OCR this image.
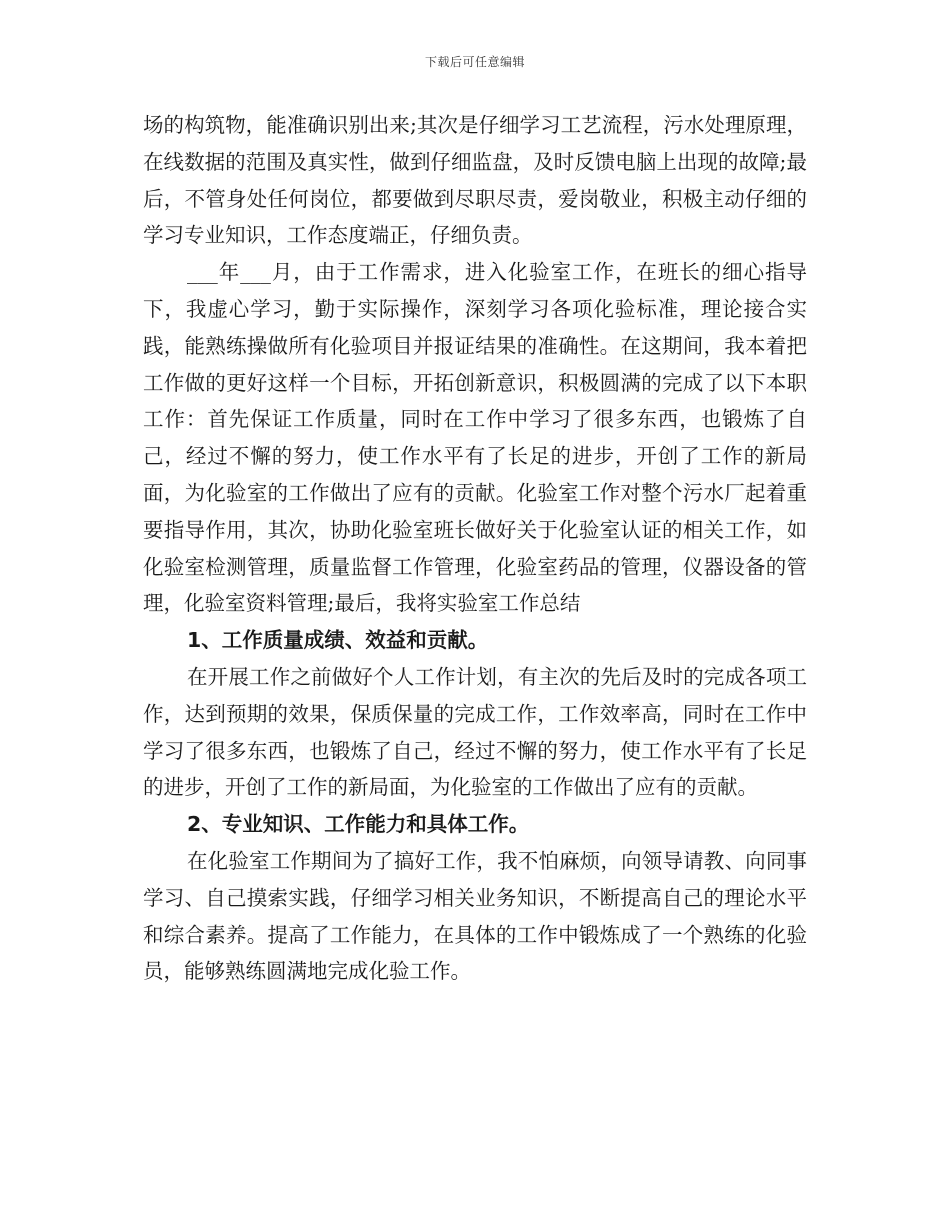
下载后可任意编辑

场的构筑物，能准确识别出来;其次是仔细学习工艺流程，污水处理原理，在线数据的范围及真实性，做到仔细监盘，及时反馈电脑上出现的故障;最后，不管身处任何岗位，都要做到尽职尽责，爱岗敬业，积极主动仔细的学习专业知识，工作态度端正，仔细负责。

___年___月，由于工作需求，进入化验室工作，在班长的细心指导下，我虚心学习，勤于实际操作，深刻学习各项化验标准，理论接合实践，能熟练操做所有化验项目并报证结果的准确性。在这期间，我本着把工作做的更好这样一个目标，开拓创新意识，积极圆满的完成了以下本职工作：首先保证工作质量，同时在工作中学习了很多东西，也锻炼了自己，经过不懈的努力，使工作水平有了长足的进步，开创了工作的新局面，为化验室的工作做出了应有的贡献。化验室工作对整个污水厂起着重要指导作用，其次，协助化验室班长做好关于化验室认证的相关工作，如化验室检测管理，质量监督工作管理，化验室药品的管理，仪器设备的管理，化验室资料管理;最后，我将实验室工作总结

1、工作质量成绩、效益和贡献。

在开展工作之前做好个人工作计划，有主次的先后及时的完成各项工作，达到预期的效果，保质保量的完成工作，工作效率高，同时在工作中学习了很多东西，也锻炼了自己，经过不懈的努力，使工作水平有了长足的进步，开创了工作的新局面，为化验室的工作做出了应有的贡献。

2、专业知识、工作能力和具体工作。

在化验室工作期间为了搞好工作，我不怕麻烦，向领导请教、向同事学习、自己摸索实践，仔细学习相关业务知识，不断提高自己的理论水平和综合素养。提高了工作能力，在具体的工作中锻炼成了一个熟练的化验员，能够熟练圆满地完成化验工作。
